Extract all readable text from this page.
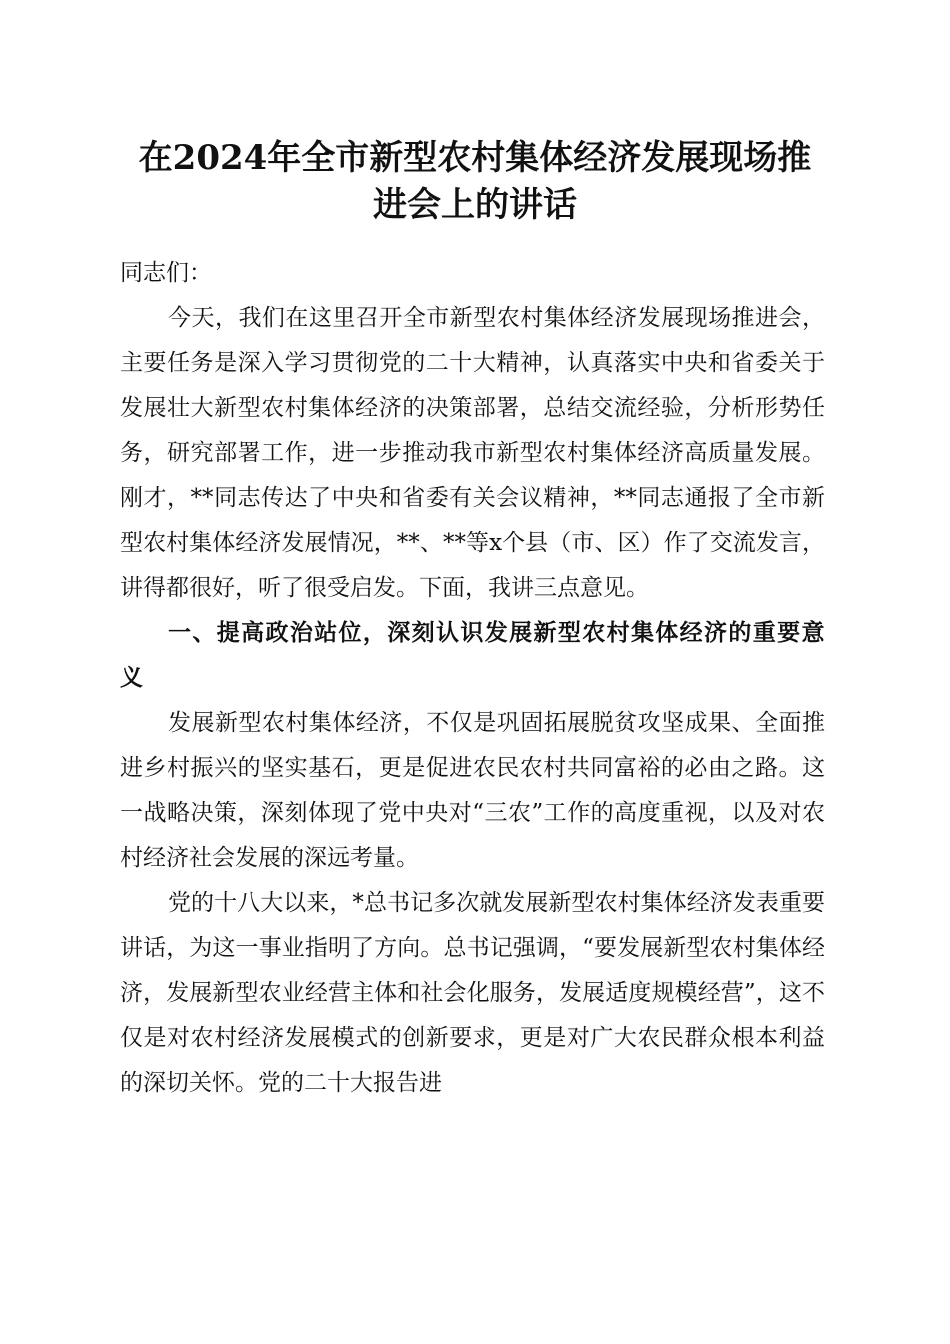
在2024年全市新型农村集体经济发展现场推
进会上的讲话

同志们：

今天，我们在这里召开全市新型农村集体经济发展现场推进会，主要任务是深入学习贯彻党的二十大精神，认真落实中央和省委关于发展壮大新型农村集体经济的决策部署，总结交流经验，分析形势任务，研究部署工作，进一步推动我市新型农村集体经济高质量发展。刚才，**同志传达了中央和省委有关会议精神，**同志通报了全市新型农村集体经济发展情况，**、**等x个县（市、区）作了交流发言，讲得都很好，听了很受启发。下面，我讲三点意见。

一、提高政治站位，深刻认识发展新型农村集体经济的重要意义

发展新型农村集体经济，不仅是巩固拓展脱贫攻坚成果、全面推进乡村振兴的坚实基石，更是促进农民农村共同富裕的必由之路。这一战略决策，深刻体现了党中央对“三农”工作的高度重视，以及对农村经济社会发展的深远考量。

党的十八大以来，*总书记多次就发展新型农村集体经济发表重要讲话，为这一事业指明了方向。总书记强调，“要发展新型农村集体经济，发展新型农业经营主体和社会化服务，发展适度规模经营”，这不仅是对农村经济发展模式的创新要求，更是对广大农民群众根本利益的深切关怀。党的二十大报告进
